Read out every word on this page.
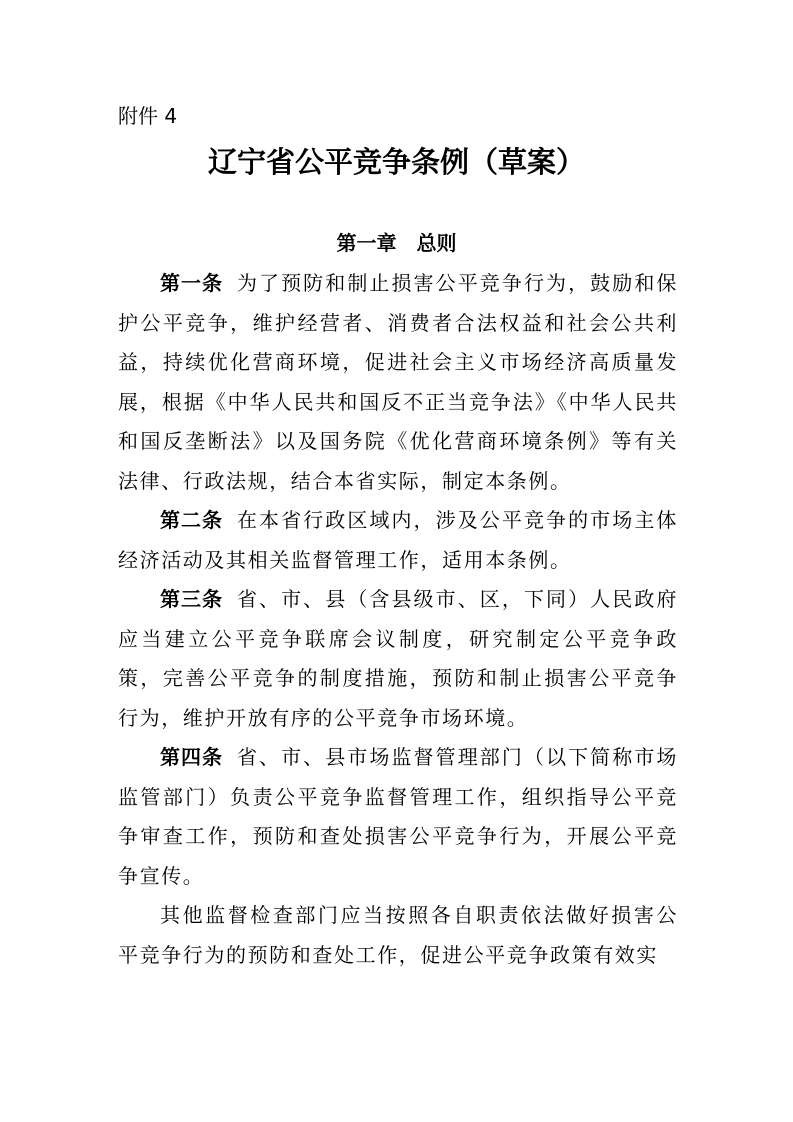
附件 4
辽宁省公平竞争条例（草案）
第一章　总则

第一条 为了预防和制止损害公平竞争行为，鼓励和保护公平竞争，维护经营者、消费者合法权益和社会公共利益，持续优化营商环境，促进社会主义市场经济高质量发展，根据《中华人民共和国反不正当竞争法》《中华人民共和国反垄断法》以及国务院《优化营商环境条例》等有关法律、行政法规，结合本省实际，制定本条例。

第二条 在本省行政区域内，涉及公平竞争的市场主体经济活动及其相关监督管理工作，适用本条例。

第三条 省、市、县（含县级市、区，下同）人民政府应当建立公平竞争联席会议制度，研究制定公平竞争政策，完善公平竞争的制度措施，预防和制止损害公平竞争行为，维护开放有序的公平竞争市场环境。

第四条 省、市、县市场监督管理部门（以下简称市场监管部门）负责公平竞争监督管理工作，组织指导公平竞争审查工作，预防和查处损害公平竞争行为，开展公平竞争宣传。

其他监督检查部门应当按照各自职责依法做好损害公平竞争行为的预防和查处工作，促进公平竞争政策有效实
